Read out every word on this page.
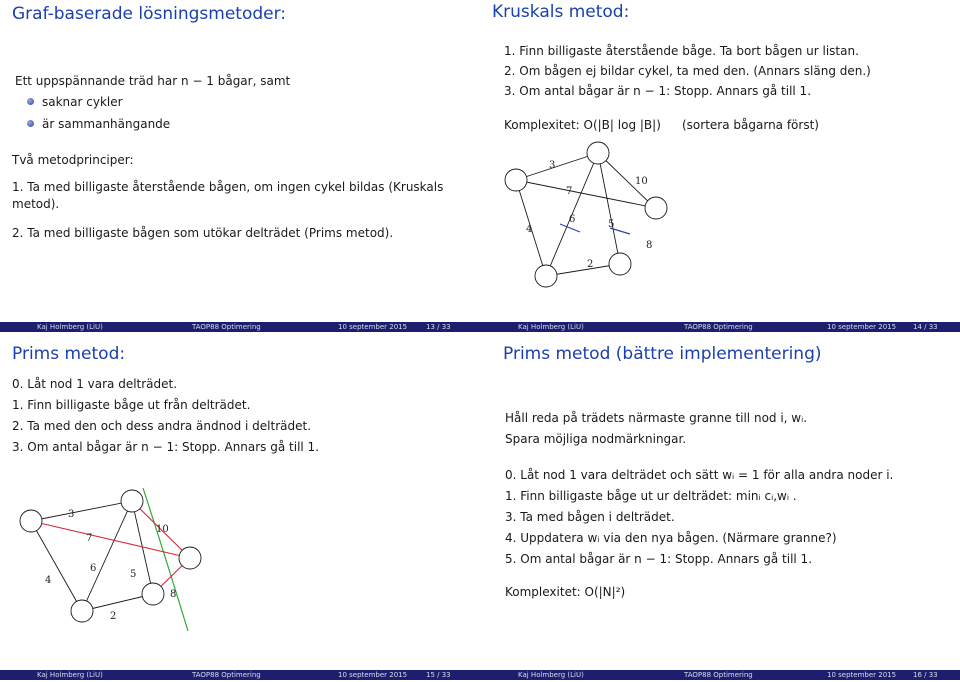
Graf-baserade lösningsmetoder:
Ett uppspännande träd har n − 1 bågar, samt
saknar cykler
är sammanhängande
Två metodprinciper:
1. Ta med billigaste återstående bågen, om ingen cykel bildas (Kruskals
metod).
2. Ta med billigaste bågen som utökar delträdet (Prims metod).
Kruskals metod:
1. Finn billigaste återstående båge. Ta bort bågen ur listan.
2. Om bågen ej bildar cykel, ta med den. (Annars släng den.)
3. Om antal bågar är n − 1: Stopp. Annars gå till 1.
Komplexitet: O(|B| log |B|) (sortera bågarna först)
3
7
10
4
6	5
8
2
Prims metod:
0. Låt nod 1 vara delträdet.
1. Finn billigaste båge ut från delträdet.
2. Ta med den och dess andra ändnod i delträdet.
3. Om antal bågar är n − 1: Stopp. Annars gå till 1.
3
7
10
4
6
5
8
2
Prims metod (bättre implementering)
Håll reda på trädets närmaste granne till nod i, wᵢ.
Spara möjliga nodmärkningar.
0. Låt nod 1 vara delträdet och sätt wᵢ = 1 för alla andra noder i.
1. Finn billigaste båge ut ur delträdet: minᵢ cᵢ,wᵢ .
3. Ta med bågen i delträdet.
4. Uppdatera wᵢ via den nya bågen. (Närmare granne?)
5. Om antal bågar är n − 1: Stopp. Annars gå till 1.
Komplexitet: O(|N|²)
Kaj Holmberg (LiU)	TAOP88 Optimering	10 september 2015	13 / 33	Kaj Holmberg (LiU)	TAOP88 Optimering	10 september 2015 14 / 33
Kaj Holmberg (LiU)	TAOP88 Optimering	10 september 2015	15 / 33	Kaj Holmberg (LiU)	TAOP88 Optimering	10 september 2015 16 / 33
